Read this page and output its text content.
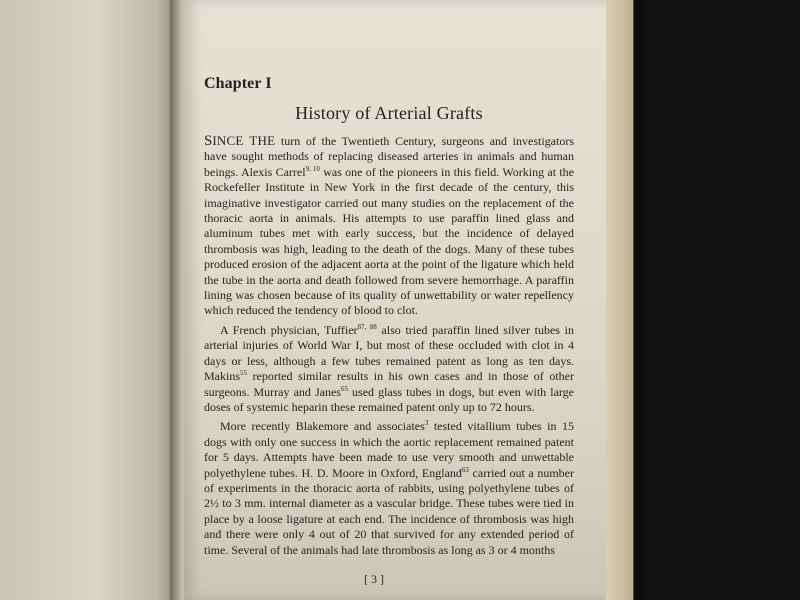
Chapter I
History of Arterial Grafts

SINCE THE turn of the Twentieth Century, surgeons and investigators have sought methods of replacing diseased arteries in animals and human beings. Alexis Carrel$^{9, 10}$ was one of the pioneers in this field. Working at the Rockefeller Institute in New York in the first decade of the century, this imaginative investigator carried out many studies on the replacement of the thoracic aorta in animals. His attempts to use paraffin lined glass and aluminum tubes met with early success, but the incidence of delayed thrombosis was high, leading to the death of the dogs. Many of these tubes produced erosion of the adjacent aorta at the point of the ligature which held the tube in the aorta and death followed from severe hemorrhage. A paraffin lining was chosen because of its quality of unwettability or water repellency which reduced the tendency of blood to clot.

A French physician, Tuffier$^{87, 88}$ also tried paraffin lined silver tubes in arterial injuries of World War I, but most of these occluded with clot in 4 days or less, although a few tubes remained patent as long as ten days. Makins$^{55}$ reported similar results in his own cases and in those of other surgeons. Murray and Janes$^{65}$ used glass tubes in dogs, but even with large doses of systemic heparin these remained patent only up to 72 hours.

More recently Blakemore and associates$^3$ tested vitallium tubes in 15 dogs with only one success in which the aortic replacement remained patent for 5 days. Attempts have been made to use very smooth and unwettable polyethylene tubes. H. D. Moore in Oxford, England$^{63}$ carried out a number of experiments in the thoracic aorta of rabbits, using polyethylene tubes of 2½ to 3 mm. internal diameter as a vascular bridge. These tubes were tied in place by a loose ligature at each end. The incidence of thrombosis was high and there were only 4 out of 20 that survived for any extended period of time. Several of the animals had late thrombosis as long as 3 or 4 months

[ 3 ]
